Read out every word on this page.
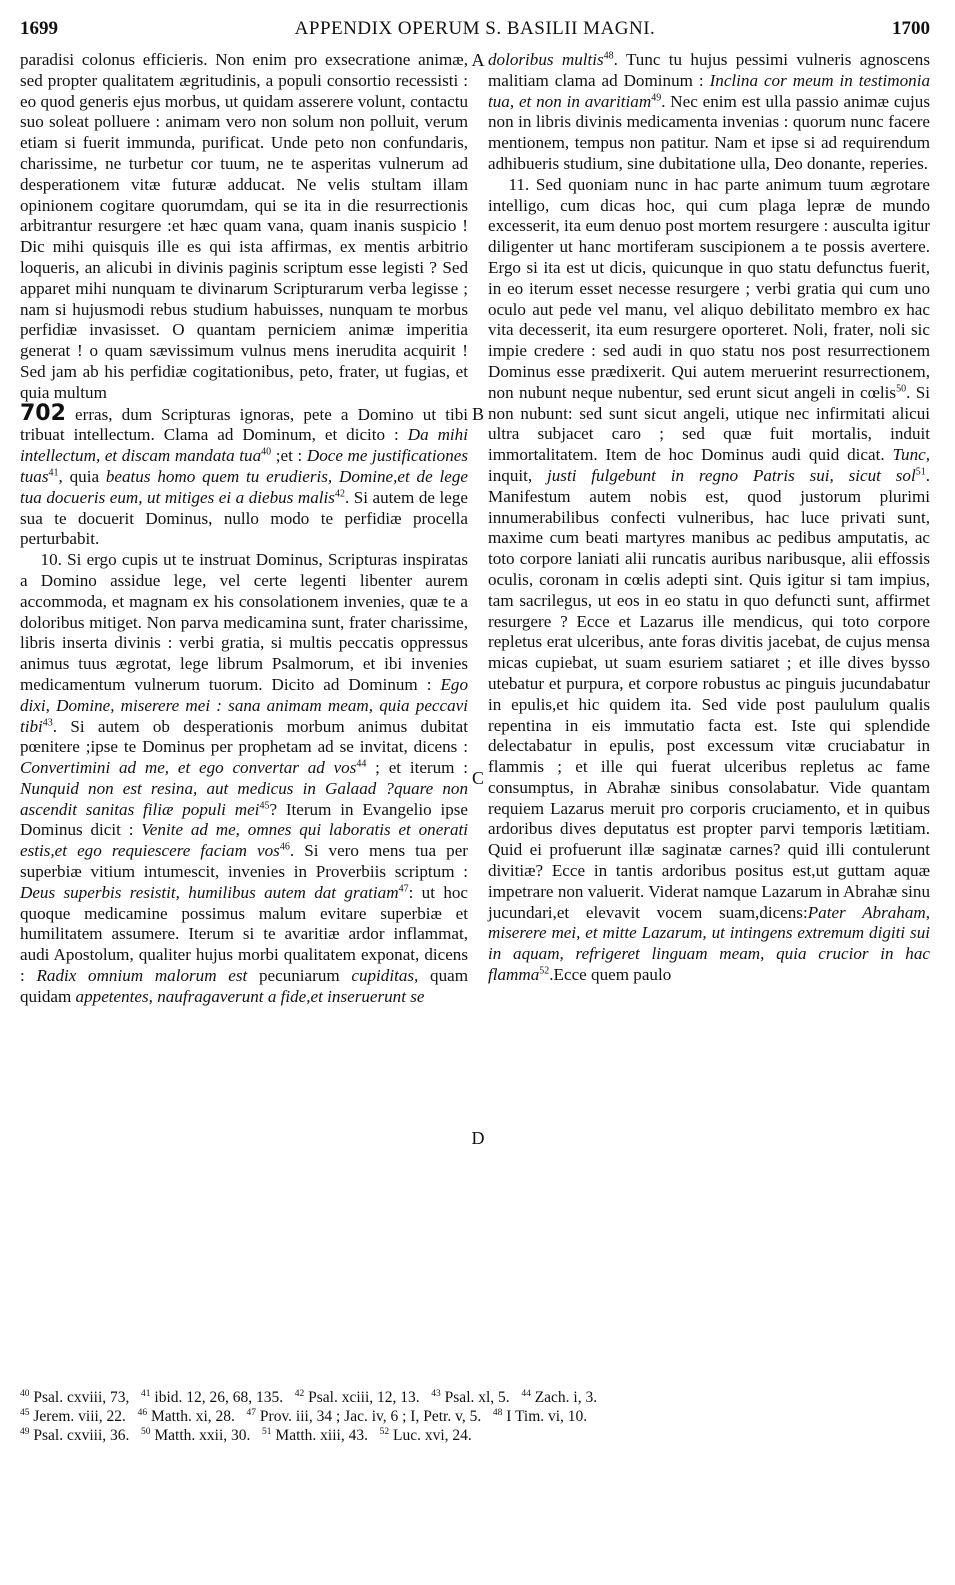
1699	APPENDIX OPERUM S. BASILII MAGNI.	1700
A
B
C
D

paradisi colonus efficieris. Non enim pro exsecratione animæ, sed propter qualitatem ægritudinis, a populi consortio recessisti : eo quod generis ejus morbus, ut quidam asserere volunt, contactu suo soleat polluere : animam vero non solum non polluit, verum etiam si fuerit immunda, purificat. Unde peto non confundaris, charissime, ne turbetur cor tuum, ne te asperitas vulnerum ad desperationem vitæ futuræ adducat. Ne velis stultam illam opinionem cogitare quorumdam, qui se ita in die resurrectionis arbitrantur resurgere :et hæc quam vana, quam inanis suspicio ! Dic mihi quisquis ille es qui ista affirmas, ex mentis arbitrio loqueris, an alicubi in divinis paginis scriptum esse legisti ? Sed apparet mihi nunquam te divinarum Scripturarum verba legisse ; nam si hujusmodi rebus studium habuisses, nunquam te morbus perfidiæ invasisset. O quantam perniciem animæ imperitia generat ! o quam sævissimum vulnus mens inerudita acquirit ! Sed jam ab his perfidiæ cogitationibus, peto, frater, ut fugias, et quia multum
702 erras, dum Scripturas ignoras, pete a Domino ut tibi tribuat intellectum. Clama ad Dominum, et dicito : Da mihi intellectum, et discam mandata tua$^{40}$ ;et : Doce me justificationes tuas$^{41}$, quia beatus homo quem tu erudieris, Domine,et de lege tua docueris eum, ut mitiges ei a diebus malis$^{42}$. Si autem de lege sua te docuerit Dominus, nullo modo te perfidiæ procella perturbabit.

10. Si ergo cupis ut te instruat Dominus, Scripturas inspiratas a Domino assidue lege, vel certe legenti libenter aurem accommoda, et magnam ex his consolationem invenies, quæ te a doloribus mitiget. Non parva medicamina sunt, frater charissime, libris inserta divinis : verbi gratia, si multis peccatis oppressus animus tuus ægrotat, lege librum Psalmorum, et ibi invenies medicamentum vulnerum tuorum. Dicito ad Dominum : Ego dixi, Domine, miserere mei : sana animam meam, quia peccavi tibi$^{43}$. Si autem ob desperationis morbum animus dubitat pœnitere ;ipse te Dominus per prophetam ad se invitat, dicens : Convertimini ad me, et ego convertar ad vos$^{44}$ ; et iterum : Nunquid non est resina, aut medicus in Galaad ?quare non ascendit sanitas filiæ populi mei$^{45}$? Iterum in Evangelio ipse Dominus dicit : Venite ad me, omnes qui laboratis et onerati estis,et ego requiescere faciam vos$^{46}$. Si vero mens tua per superbiæ vitium intumescit, invenies in Proverbiis scriptum : Deus superbis resistit, humilibus autem dat gratiam$^{47}$: ut hoc quoque medicamine possimus malum evitare superbiæ et humilitatem assumere. Iterum si te avaritiæ ardor inflammat, audi Apostolum, qualiter hujus morbi qualitatem exponat, dicens : Radix omnium malorum est pecuniarum cupiditas, quam quidam appetentes, naufragaverunt a fide,et inseruerunt se

doloribus multis$^{48}$. Tunc tu hujus pessimi vulneris agnoscens malitiam clama ad Dominum : Inclina cor meum in testimonia tua, et non in avaritiam$^{49}$. Nec enim est ulla passio animæ cujus non in libris divinis medicamenta invenias : quorum nunc facere mentionem, tempus non patitur. Nam et ipse si ad requirendum adhibueris studium, sine dubitatione ulla, Deo donante, reperies.

11. Sed quoniam nunc in hac parte animum tuum ægrotare intelligo, cum dicas hoc, qui cum plaga lepræ de mundo excesserit, ita eum denuo post mortem resurgere : ausculta igitur diligenter ut hanc mortiferam suscipionem a te possis avertere. Ergo si ita est ut dicis, quicunque in quo statu defunctus fuerit, in eo iterum esset necesse resurgere ; verbi gratia qui cum uno oculo aut pede vel manu, vel aliquo debilitato membro ex hac vita decesserit, ita eum resurgere oporteret. Noli, frater, noli sic impie credere : sed audi in quo statu nos post resurrectionem Dominus esse prædixerit. Qui autem meruerint resurrectionem, non nubunt neque nubentur, sed erunt sicut angeli in cœlis$^{50}$. Si non nubunt: sed sunt sicut angeli, utique nec infirmitati alicui ultra subjacet caro ; sed quæ fuit mortalis, induit immortalitatem. Item de hoc Dominus audi quid dicat. Tunc, inquit, justi fulgebunt in regno Patris sui, sicut sol$^{51}$. Manifestum autem nobis est, quod justorum plurimi innumerabilibus confecti vulneribus, hac luce privati sunt, maxime cum beati martyres manibus ac pedibus amputatis, ac toto corpore laniati alii runcatis auribus naribusque, alii effossis oculis, coronam in cœlis adepti sint. Quis igitur si tam impius, tam sacrilegus, ut eos in eo statu in quo defuncti sunt, affirmet resurgere ? Ecce et Lazarus ille mendicus, qui toto corpore repletus erat ulceribus, ante foras divitis jacebat, de cujus mensa micas cupiebat, ut suam esuriem satiaret ; et ille dives bysso utebatur et purpura, et corpore robustus ac pinguis jucundabatur in epulis,et hic quidem ita. Sed vide post paululum qualis repentina in eis immutatio facta est. Iste qui splendide delectabatur in epulis, post excessum vitæ cruciabatur in flammis ; et ille qui fuerat ulceribus repletus ac fame consumptus, in Abrahæ sinibus consolabatur. Vide quantam requiem Lazarus meruit pro corporis cruciamento, et in quibus ardoribus dives deputatus est propter parvi temporis lætitiam. Quid ei profuerunt illæ saginatæ carnes? quid illi contulerunt divitiæ? Ecce in tantis ardoribus positus est,ut guttam aquæ impetrare non valuerit. Viderat namque Lazarum in Abrahæ sinu jucundari,et elevavit vocem suam,dicens:Pater Abraham, miserere mei, et mitte Lazarum, ut intingens extremum digiti sui in aquam, refrigeret linguam meam, quia crucior in hac flamma$^{52}$.Ecce quem paulo

$^{40}$ Psal. cxviii, 73, $^{41}$ ibid. 12, 26, 68, 135. $^{42}$ Psal. xciii, 12, 13. $^{43}$ Psal. xl, 5. $^{44}$ Zach. i, 3.
$^{45}$ Jerem. viii, 22. $^{46}$ Matth. xi, 28. $^{47}$ Prov. iii, 34 ; Jac. iv, 6 ; I, Petr. v, 5. $^{48}$ I Tim. vi, 10.
$^{49}$ Psal. cxviii, 36. $^{50}$ Matth. xxii, 30. $^{51}$ Matth. xiii, 43. $^{52}$ Luc. xvi, 24.
